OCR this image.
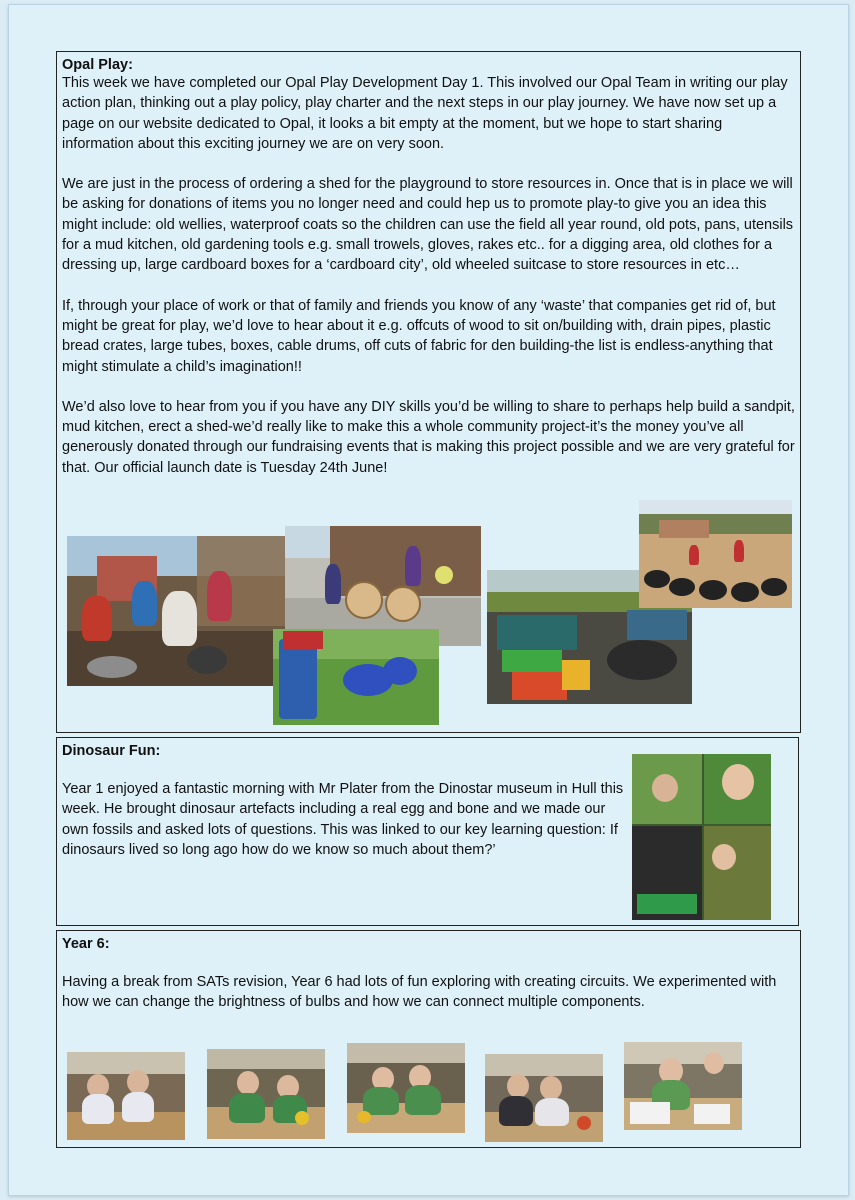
Opal Play:

This week we have completed our Opal Play Development Day 1. This involved our Opal Team in writing our play action plan, thinking out a play policy, play charter and the next steps in our play journey. We have now set up a page on our website dedicated to Opal, it looks a bit empty at the moment, but we hope to start sharing information about this exciting journey we are on very soon.

We are just in the process of ordering a shed for the playground to store resources in. Once that is in place we will be asking for donations of items you no longer need and could hep us to promote play-to give you an idea this might include: old wellies, waterproof coats so the children can use the field all year round, old pots, pans, utensils for a mud kitchen, old gardening tools e.g. small trowels, gloves, rakes etc.. for a digging area, old clothes for a dressing up, large cardboard boxes for a ‘cardboard city’, old wheeled suitcase to store resources in etc…

If, through your place of work or that of family and friends you know of any ‘waste’ that companies get rid of, but might be great for play, we’d love to hear about it e.g. offcuts of wood to sit on/building with, drain pipes, plastic bread crates, large tubes, boxes, cable drums, off cuts of fabric for den building-the list is endless-anything that might stimulate a child’s imagination!!

We’d also love to hear from you if you have any DIY skills you’d be willing to share to perhaps help build a sandpit, mud kitchen, erect a shed-we’d really like to make this a whole community project-it’s the money you’ve all generously donated through our fundraising events that is making this project possible and we are very grateful for that. Our official launch date is Tuesday 24th June!

Dinosaur Fun:

Year 1 enjoyed a fantastic morning with Mr Plater from the Dinostar museum in Hull this week. He brought dinosaur artefacts including a real egg and bone and we made our own fossils and asked lots of questions. This was linked to our key learning question: If dinosaurs lived so long ago how do we know so much about them?’

Year 6:

Having a break from SATs revision, Year 6 had lots of fun exploring with creating circuits. We experimented with how we can change the brightness of bulbs and how we can connect multiple components.
